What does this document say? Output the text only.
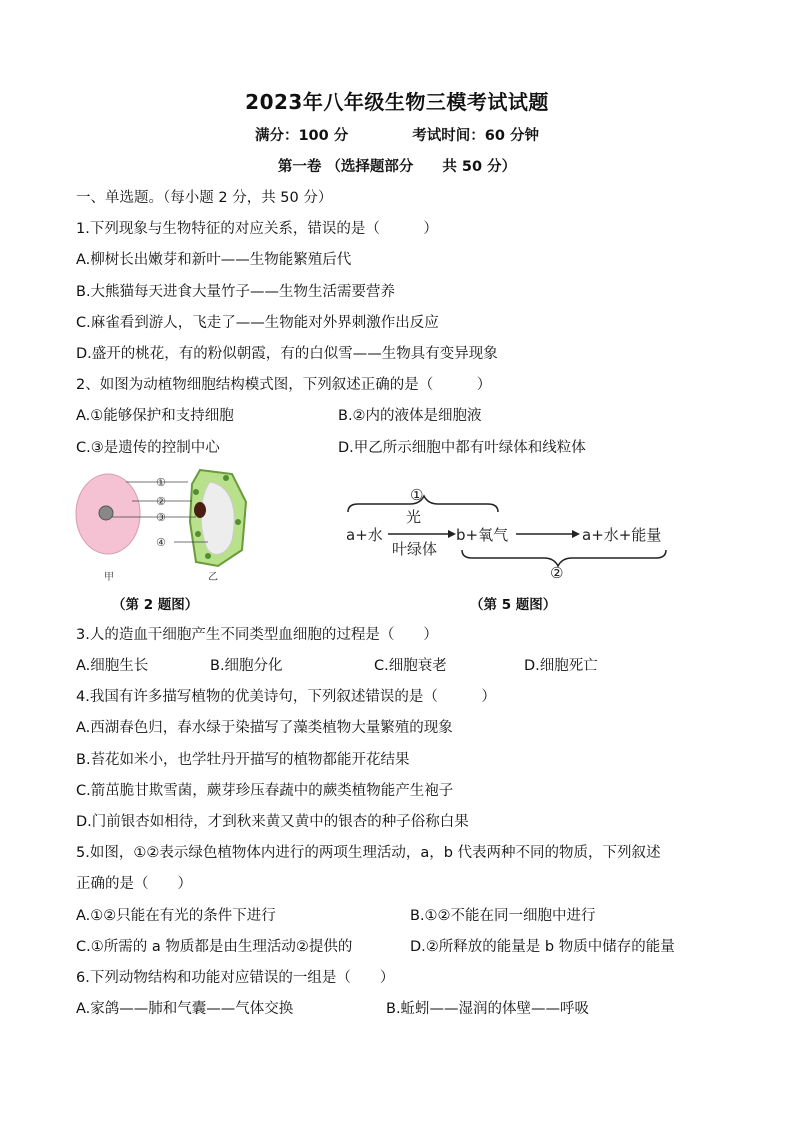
2023年八年级生物三模考试试题
满分：100 分	考试时间：60 分钟
第一卷 （选择题部分　　共 50 分）
一、单选题。（每小题 2 分，共 50 分）
1.下列现象与生物特征的对应关系，错误的是（　　　）
A.柳树长出嫩芽和新叶——生物能繁殖后代
B.大熊猫每天进食大量竹子——生物生活需要营养
C.麻雀看到游人，飞走了——生物能对外界刺激作出反应
D.盛开的桃花，有的粉似朝霞，有的白似雪——生物具有变异现象
2、如图为动植物细胞结构模式图，下列叙述正确的是（　　　）
A.①能够保护和支持细胞	B.②内的液体是细胞液
C.③是遗传的控制中心	D.甲乙所示细胞中都有叶绿体和线粒体
①
②
③
④
甲	乙
①
a+水
光
叶绿体
b+氧气	a+水+能量
②
（第 2 题图）	（第 5 题图）
3.人的造血干细胞产生不同类型血细胞的过程是（　　）
A.细胞生长	B.细胞分化	C.细胞衰老	D.细胞死亡
4.我国有许多描写植物的优美诗句，下列叙述错误的是（　　　）
A.西湖春色归，春水绿于染描写了藻类植物大量繁殖的现象
B.苔花如米小，也学牡丹开描写的植物都能开花结果
C.箭茁脆甘欺雪菌，蕨芽珍压春蔬中的蕨类植物能产生袍子
D.门前银杏如相待，才到秋来黄又黄中的银杏的种子俗称白果
5.如图，①②表示绿色植物体内进行的两项生理活动，a，b 代表两种不同的物质，下列叙述
正确的是（　　）
A.①②只能在有光的条件下进行	B.①②不能在同一细胞中进行
C.①所需的 a 物质都是由生理活动②提供的	D.②所释放的能量是 b 物质中储存的能量
6.下列动物结构和功能对应错误的一组是（　　）
A.家鸽——肺和气囊——气体交换	B.蚯蚓——湿润的体壁——呼吸
